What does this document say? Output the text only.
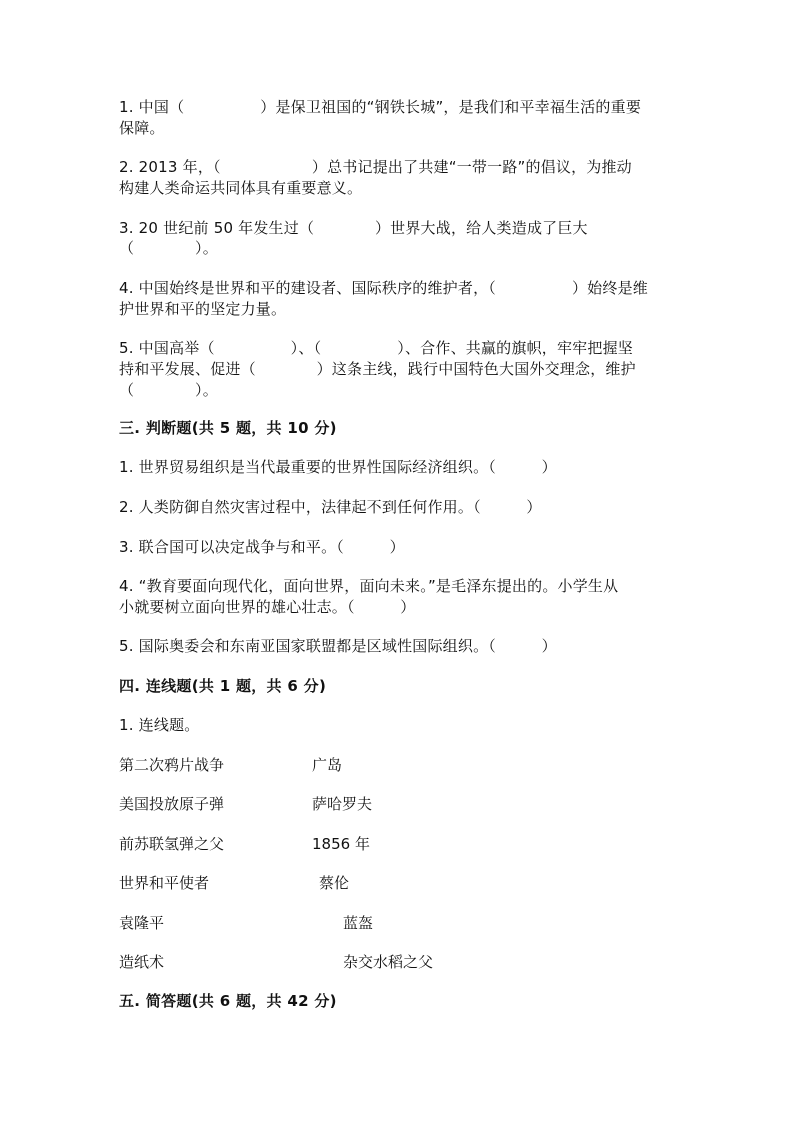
1. 中国（　　　　　）是保卫祖国的“钢铁长城”，是我们和平幸福生活的重要
保障。
2. 2013 年，（　　　　　　）总书记提出了共建“一带一路”的倡议，为推动
构建人类命运共同体具有重要意义。
3. 20 世纪前 50 年发生过（　　　　）世界大战，给人类造成了巨大
（　　　　）。
4. 中国始终是世界和平的建设者、国际秩序的维护者，（　　　　　）始终是维
护世界和平的坚定力量。
5. 中国高举（　　　　　）、（　　　　　）、合作、共赢的旗帜，牢牢把握坚
持和平发展、促进（　　　　）这条主线，践行中国特色大国外交理念，维护
（　　　　）。
三. 判断题(共 5 题，共 10 分)
1. 世界贸易组织是当代最重要的世界性国际经济组织。（　　　）
2. 人类防御自然灾害过程中，法律起不到任何作用。（　　　）
3. 联合国可以决定战争与和平。（　　　）
4. “教育要面向现代化，面向世界，面向未来。”是毛泽东提出的。小学生从
小就要树立面向世界的雄心壮志。（　　　）
5. 国际奥委会和东南亚国家联盟都是区域性国际组织。（　　　）
四. 连线题(共 1 题，共 6 分)
1. 连线题。
第二次鸦片战争	广岛
美国投放原子弹	萨哈罗夫
前苏联氢弹之父	1856 年
世界和平使者	蔡伦
袁隆平	蓝盔
造纸术	杂交水稻之父
五. 简答题(共 6 题，共 42 分)
